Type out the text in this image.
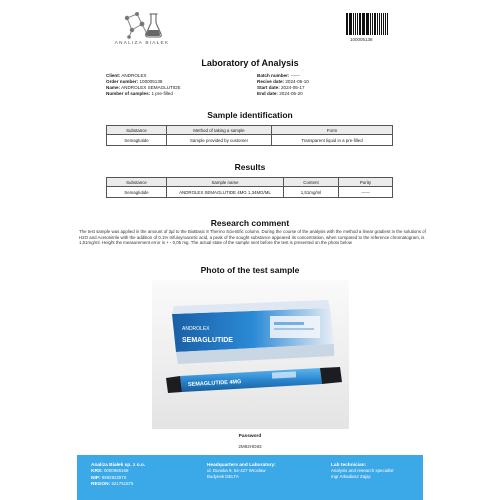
ANALIZA BIAŁEK
100005138
Laboratory of Analysis
Client: ANDROLEX
Order number: 100005138
Name: ANDROLEX SEMAGLUTIDE
Number of samples: 1 pre-filled
Batch number: ------
Recive date: 2024-05-10
Start date: 2024-05-17
End date: 2024-05-20
Sample identification
Substance	Method of taking a sample	Form
Semaglutide	Sample provided by customer	Transparent liquid in a pre-filled
Results
Substance	Sample name	Content	Purity
Semaglutide	ANDROLEX SEMAGLUTIDE 4MG 1,34MG/ML	1,51mg/ml	------
Research comment
The test sample was applied in the amount of 3µl to the BioBasic 8 Thermo Scientific column. During the course of the analysis with the method a linear gradient in the solutions of H2O and Acetonitrile with the addition of 0.1% trifuloyroacetic acid, a peak of the sought substance appeared its concentration, when compared to the reference chromatogram, is 1,51mg/ml. Height the measurement error is + - 0,05 mg. The actual state of the sample sent before the test is presented on the photo below
Photo of the test sample
ANDROLEX
SEMAGLUTIDE
SEMAGLUTIDE 4MG
Password
2M92HD83
Analiza Białek sp. z o.o.
KRS: 0000966168
NIP: 8992922970
REGON: 521751875
Headquarters and Laboratory:
ul. Dunska 9, 54-427 Wrocław
Budynek DELTA
Lab technician:
Analysis and research specialist
mgr Arkadiusz Zając
